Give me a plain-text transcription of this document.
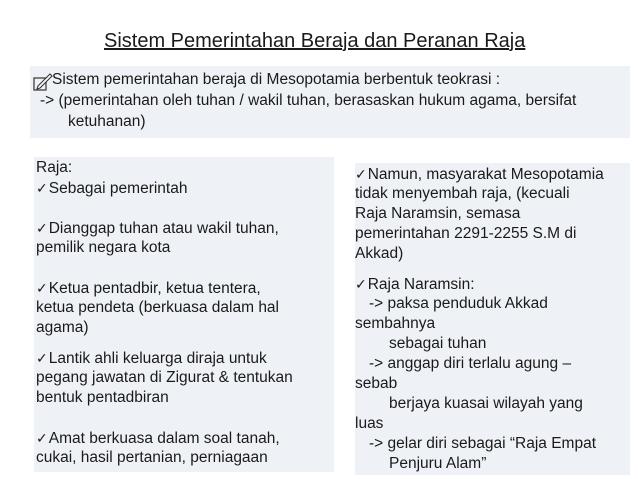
Sistem Pemerintahan Beraja dan Peranan Raja
Sistem pemerintahan beraja di Mesopotamia berbentuk teokrasi :
-> (pemerintahan oleh tuhan / wakil tuhan, berasaskan hukum agama, bersifat
ketuhanan)
Raja:
✓Sebagai pemerintah
✓Dianggap tuhan atau wakil tuhan,
pemilik negara kota
✓Ketua pentadbir, ketua tentera,
ketua pendeta (berkuasa dalam hal
agama)
✓Lantik ahli keluarga diraja untuk
pegang jawatan di Zigurat & tentukan
bentuk pentadbiran
✓Amat berkuasa dalam soal tanah,
cukai, hasil pertanian, perniagaan
✓Namun, masyarakat Mesopotamia
tidak menyembah raja, (kecuali
Raja Naramsin, semasa
pemerintahan 2291-2255 S.M di
Akkad)
✓Raja Naramsin:
-> paksa penduduk Akkad
sembahnya
sebagai tuhan
-> anggap diri terlalu agung –
sebab
berjaya kuasai wilayah yang
luas
-> gelar diri sebagai “Raja Empat
Penjuru Alam”
